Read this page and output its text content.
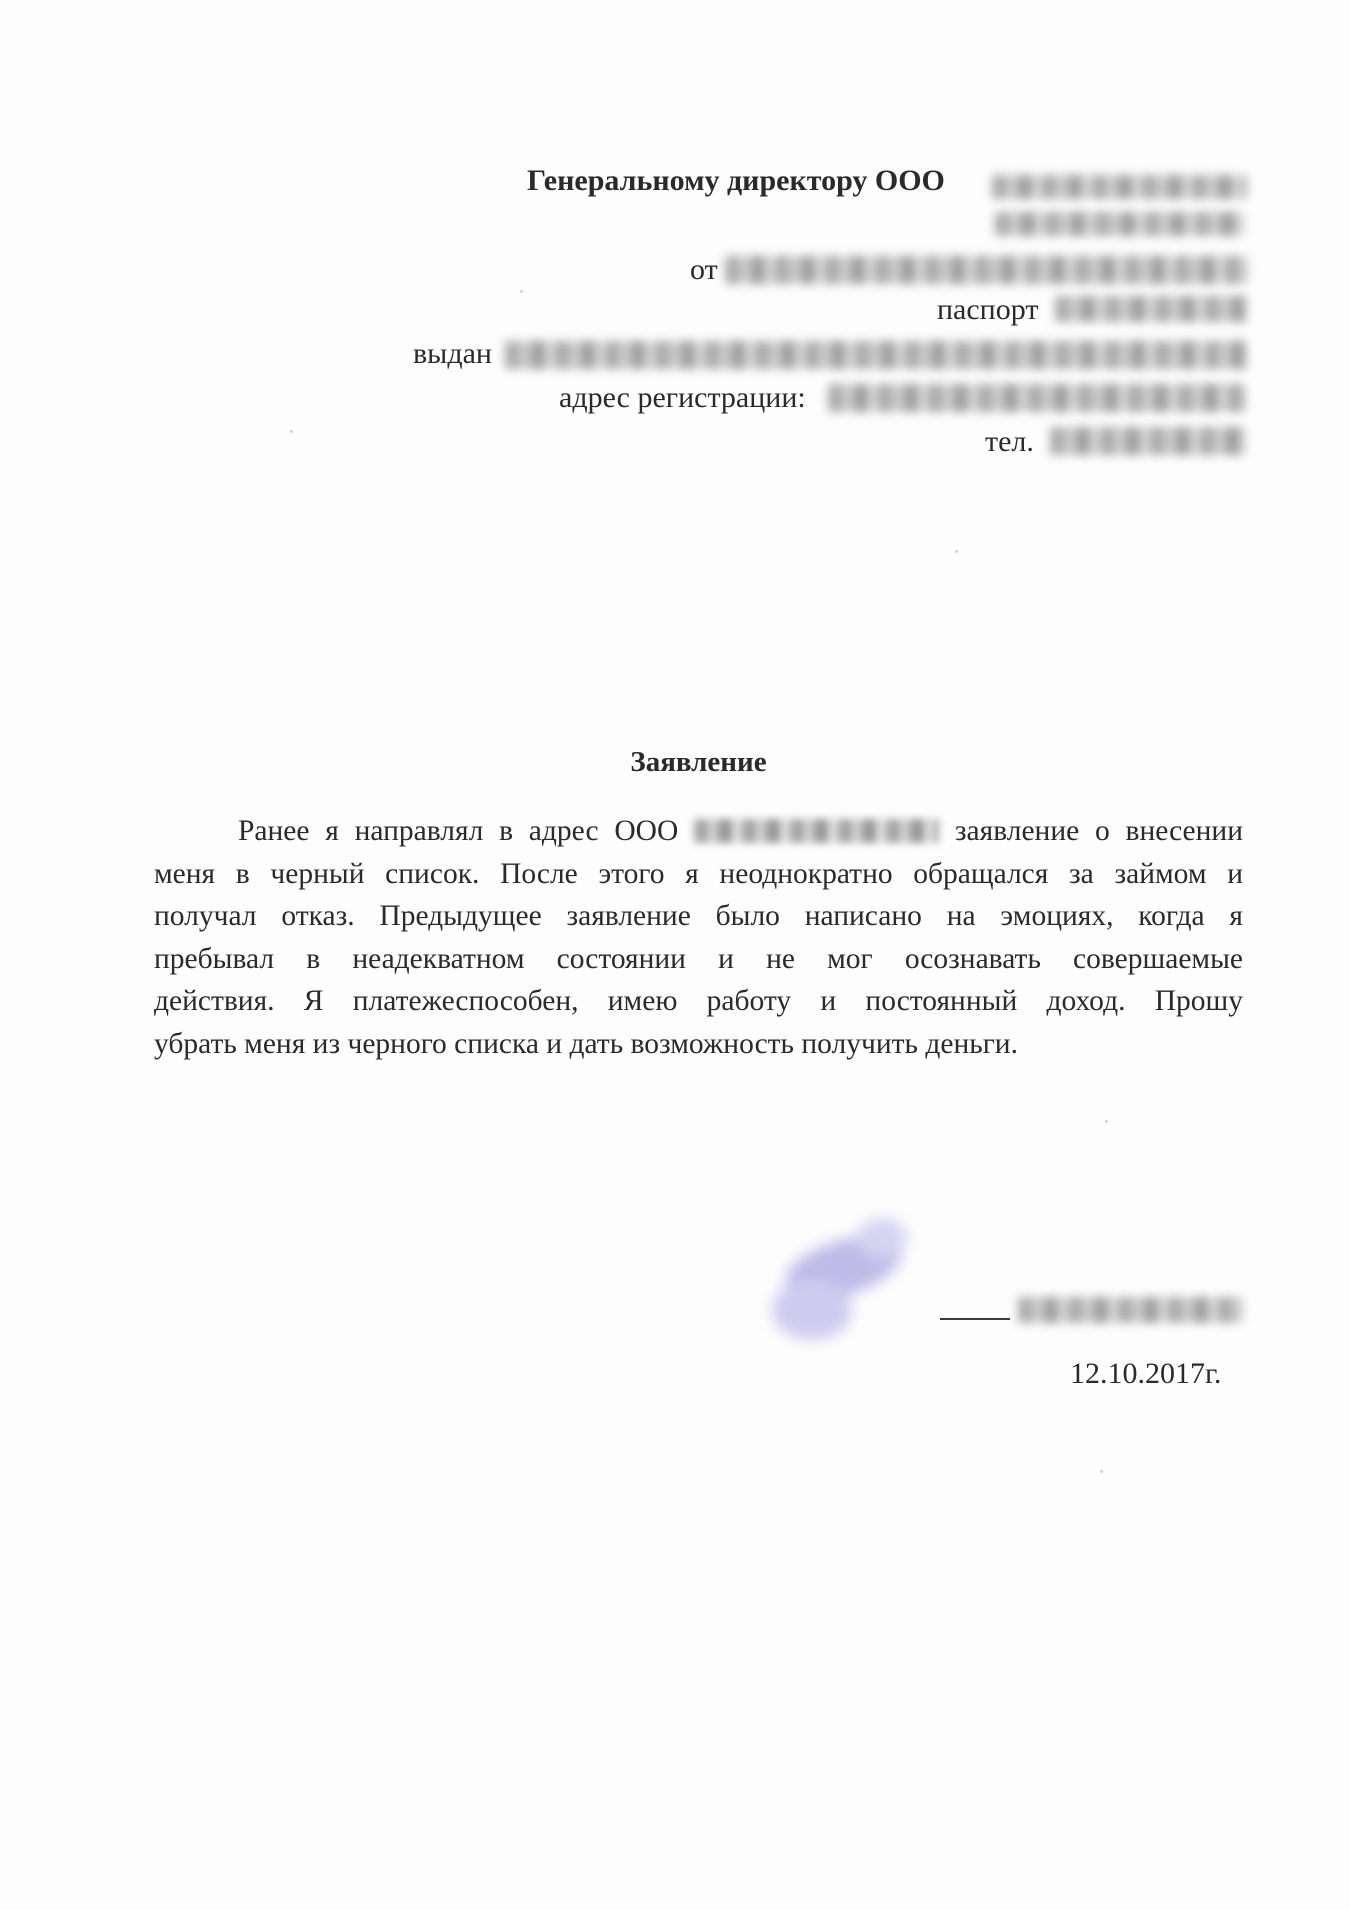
Генеральному директору ООО
от
паспорт
выдан
адрес регистрации:
тел.
Заявление
Ранее я направлял в адрес ООО	заявление о внесении
меня в черный список. После этого я неоднократно обращался за займом и
получал отказ. Предыдущее заявление было написано на эмоциях, когда я
пребывал в неадекватном состоянии и не мог осознавать совершаемые
действия. Я платежеспособен, имею работу и постоянный доход. Прошу
убрать меня из черного списка и дать возможность получить деньги.
12.10.2017г.
